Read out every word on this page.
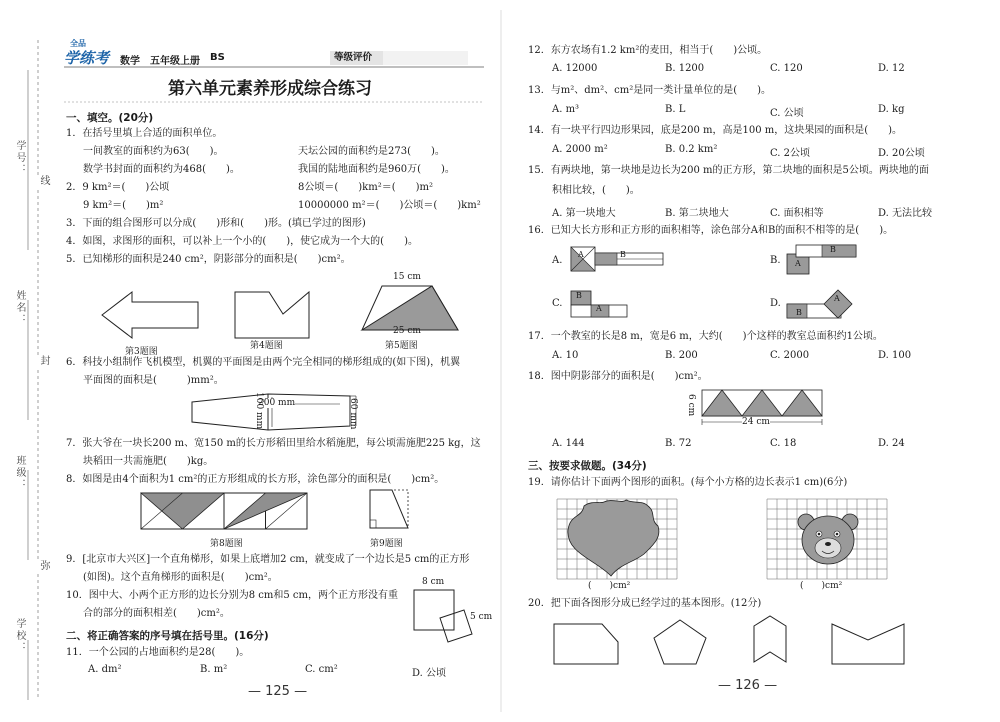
学号：
线
姓名：
封
班级：
弥
学校：
全品
学练考 数学 五年级上册 BS	等级评价
第六单元素养形成综合练习
一、填空。(20分)
1．在括号里填上合适的面积单位。
一间教室的面积约为63(　　)。	天坛公园的面积约是273(　　)。
数学书封面的面积约为468(　　)。	我国的陆地面积约是960万(　　)。
2．9 km²＝(　　)公顷	8公顷＝(　　)km²＝(　　)m²
9 km²＝(　　)m²	10000000 m²＝(　　)公顷＝(　　)km²
3．下面的组合图形可以分成(　　)形和(　　)形。(填已学过的图形)
4．如图，求图形的面积，可以补上一个小的(　　)，使它成为一个大的(　　)。
5．已知梯形的面积是240 cm²，阴影部分的面积是(　　)cm²。
第3题图
第4题图
15 cm
25 cm
第5题图
6．科技小组制作飞机模型，机翼的平面图是由两个完全相同的梯形组成的(如下图)，机翼
平面图的面积是(　　　)mm²。
200 mm
100 mm	60 mm
7．张大爷在一块长200 m、宽150 m的长方形稻田里给水稻施肥，每公顷需施肥225 kg，这
块稻田一共需施肥(　　)kg。
8．如图是由4个面积为1 cm²的正方形组成的长方形，涂色部分的面积是(　　)cm²。
第8题图	第9题图
9．[北京市大兴区]一个直角梯形，如果上底增加2 cm，就变成了一个边长是5 cm的正方形
(如图)。这个直角梯形的面积是(　　)cm²。
10．图中大、小两个正方形的边长分别为8 cm和5 cm，两个正方形没有重
合的部分的面积相差(　　)cm²。
8 cm
5 cm
二、将正确答案的序号填在括号里。(16分)
11．一个公园的占地面积约是28(　　)。
A. dm²	B. m²	C. cm²	D. 公顷
— 125 —
12．东方农场有1.2 km²的麦田，相当于(　　)公顷。
A. 12000	B. 1200	C. 120	D. 12
13．与m²、dm²、cm²是同一类计量单位的是(　　)。
A. m³	B. L	C. 公顷	D. kg
14．有一块平行四边形果园，底是200 m，高是100 m，这块果园的面积是(　　)。
A. 2000 m²	B. 0.2 km²	C. 2公顷	D. 20公顷
15．有两块地，第一块地是边长为200 m的正方形，第二块地的面积是5公顷。两块地的面
积相比较，(　　)。
A. 第一块地大	B. 第二块地大	C. 面积相等	D. 无法比较
16．已知大长方形和正方形的面积相等，涂色部分A和B的面积不相等的是(　　)。
A.
A	B
B. A
B
C.
B
A	D.
B
A
17．一个教室的长是8 m，宽是6 m，大约(　　)个这样的教室总面积约1公顷。
A. 10	B. 200	C. 2000	D. 100
18．图中阴影部分的面积是(　　)cm²。
6 cm
24 cm
A. 144	B. 72	C. 18	D. 24
三、按要求做题。(34分)
19．请你估计下面两个图形的面积。(每个小方格的边长表示1 cm)(6分)
(　　)cm²	(　　)cm²
20．把下面各图形分成已经学过的基本图形。(12分)
— 126 —
